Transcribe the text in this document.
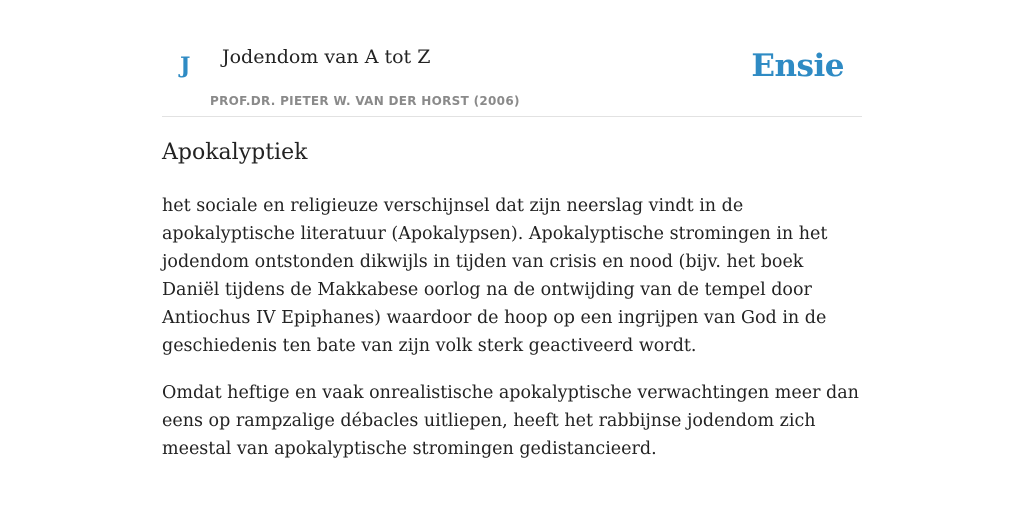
J Jodendom van A tot Z
PROF.DR. PIETER W. VAN DER HORST (2006)
Ensie
Apokalyptiek

het sociale en religieuze verschijnsel dat zijn neerslag vindt in de apokalyptische literatuur (Apokalypsen). Apokalyptische stromingen in het jodendom ontstonden dikwijls in tijden van crisis en nood (bijv. het boek Daniël tijdens de Makkabese oorlog na de ontwijding van de tempel door Antiochus IV Epiphanes) waardoor de hoop op een ingrijpen van God in de geschiedenis ten bate van zijn volk sterk geactiveerd wordt.

Omdat heftige en vaak onrealistische apokalyptische verwachtingen meer dan eens op rampzalige débacles uitliepen, heeft het rabbijnse jodendom zich meestal van apokalyptische stromingen gedistancieerd.
